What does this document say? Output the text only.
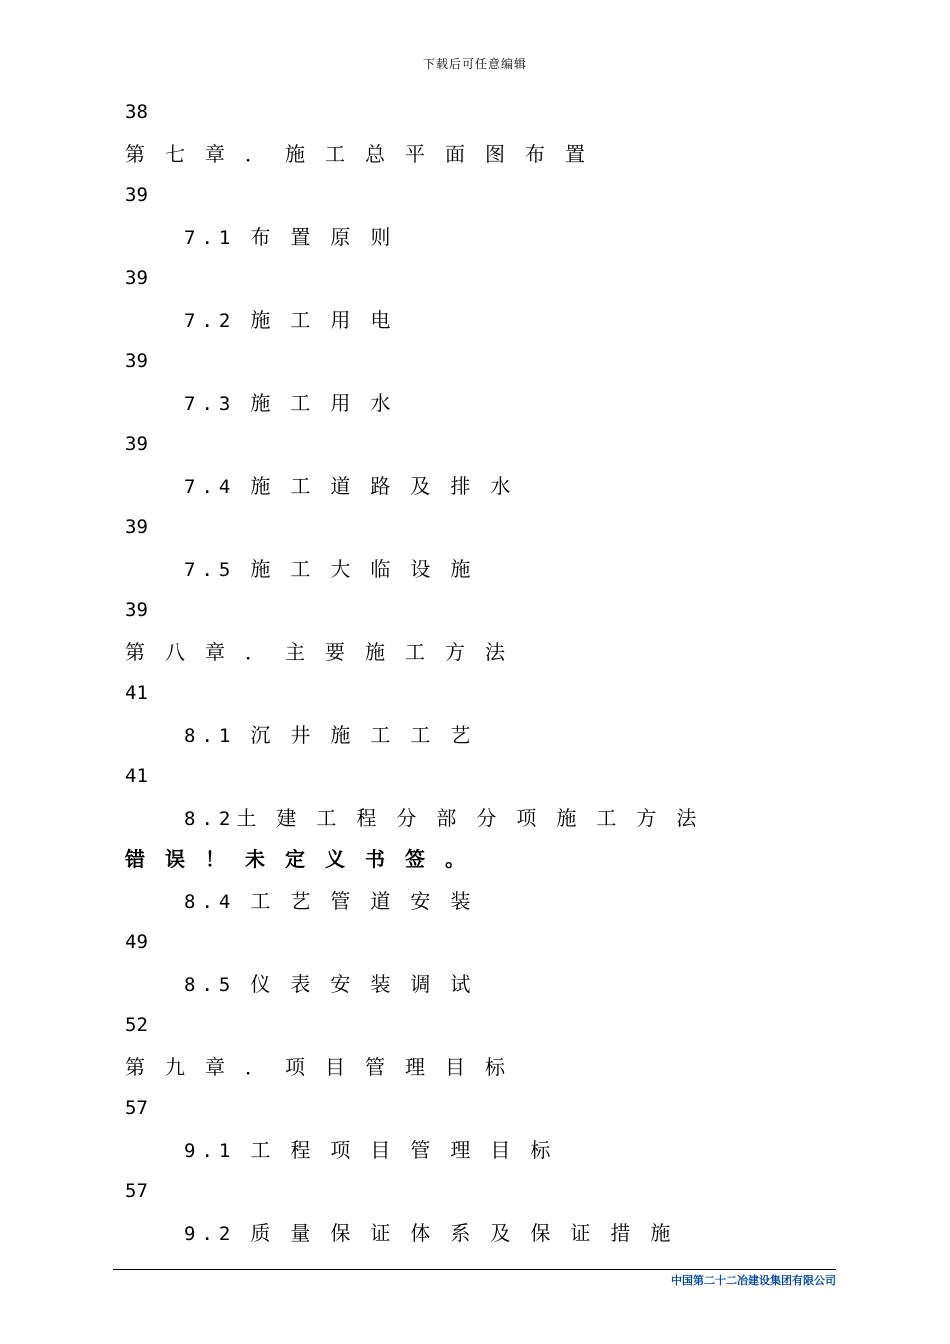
下载后可任意编辑
38
第七章．施工总平面图布置
39
7.1 布置原则
39
7.2 施工用电
39
7.3 施工用水
39
7.4 施工道路及排水
39
7.5 施工大临设施
39
第八章．主要施工方法
41
8.1 沉井施工工艺
41
8.2土建工程分部分项施工方法
错误！未定义书签。
8.4 工艺管道安装
49
8.5 仪表安装调试
52
第九章．项目管理目标
57
9.1 工程项目管理目标
57
9.2 质量保证体系及保证措施
中国第二十二冶建设集团有限公司
